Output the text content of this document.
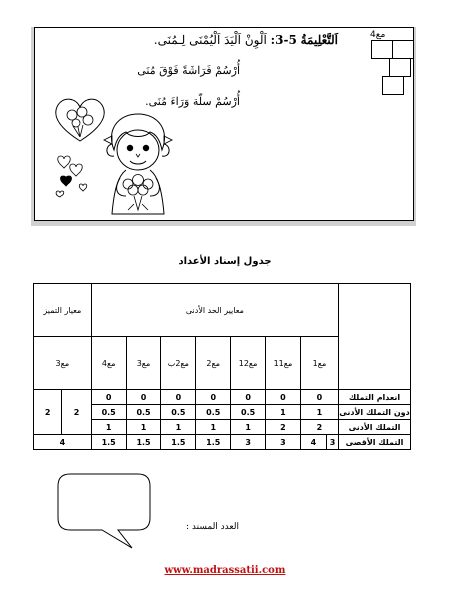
مع4
اَلتَّعْلِيمَةُ 5-3: اَلْوِنْ اَلْيَدَ اَلْيُمْنَى لِـمُنَى.
أُرْسُمْ فَرَاشَةً فَوْقَ مُنَى
أُرْسُمْ سلّة وَرَاءَ مُنَى.
جدول إسناد الأعداد
معيار التميز		معايير الحد الأدنى								
مع3		مع4	مع3	مع2ب	مع2	مع12	مع11	مع1		
2	2	0	0	0	0	0	0	0		انعدام التملك
		0.5	0.5	0.5	0.5	0.5	1	1		دون التملك الأدنى
		1	1	1	1	1	2	2		التملك الأدنى
4		1.5	1.5	1.5	1.5	3	3	4	3	التملك الأقصى
العدد المسند :
www.madrassatii.com
